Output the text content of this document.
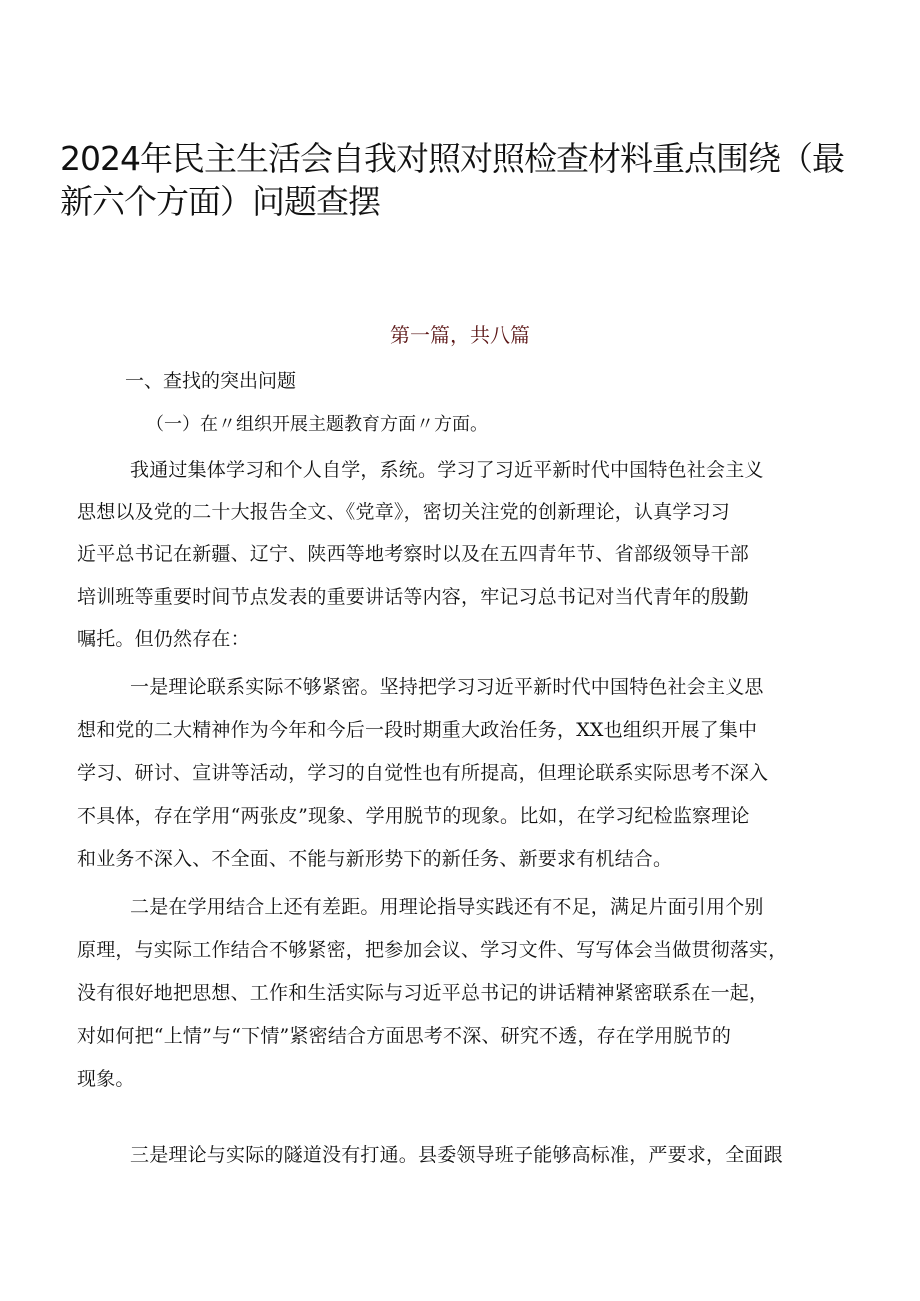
2024年民主生活会自我对照对照检查材料重点围绕（最
新六个方面）问题查摆
第一篇，共八篇
一、查找的突出问题
（一）在〃组织开展主题教育方面〃方面。
我通过集体学习和个人自学，系统。学习了习近平新时代中国特色社会主义
思想以及党的二十大报告全文、《党章》，密切关注党的创新理论，认真学习习
近平总书记在新疆、辽宁、陕西等地考察时以及在五四青年节、省部级领导干部
培训班等重要时间节点发表的重要讲话等内容，牢记习总书记对当代青年的殷勤
嘱托。但仍然存在：
一是理论联系实际不够紧密。坚持把学习习近平新时代中国特色社会主义思
想和党的二大精神作为今年和今后一段时期重大政治任务，XX也组织开展了集中
学习、研讨、宣讲等活动，学习的自觉性也有所提高，但理论联系实际思考不深入
不具体，存在学用“两张皮”现象、学用脱节的现象。比如，在学习纪检监察理论
和业务不深入、不全面、不能与新形势下的新任务、新要求有机结合。
二是在学用结合上还有差距。用理论指导实践还有不足，满足片面引用个别
原理，与实际工作结合不够紧密，把参加会议、学习文件、写写体会当做贯彻落实，
没有很好地把思想、工作和生活实际与习近平总书记的讲话精神紧密联系在一起，
对如何把“上情”与“下情”紧密结合方面思考不深、研究不透，存在学用脱节的
现象。
三是理论与实际的隧道没有打通。县委领导班子能够高标准，严要求，全面跟
